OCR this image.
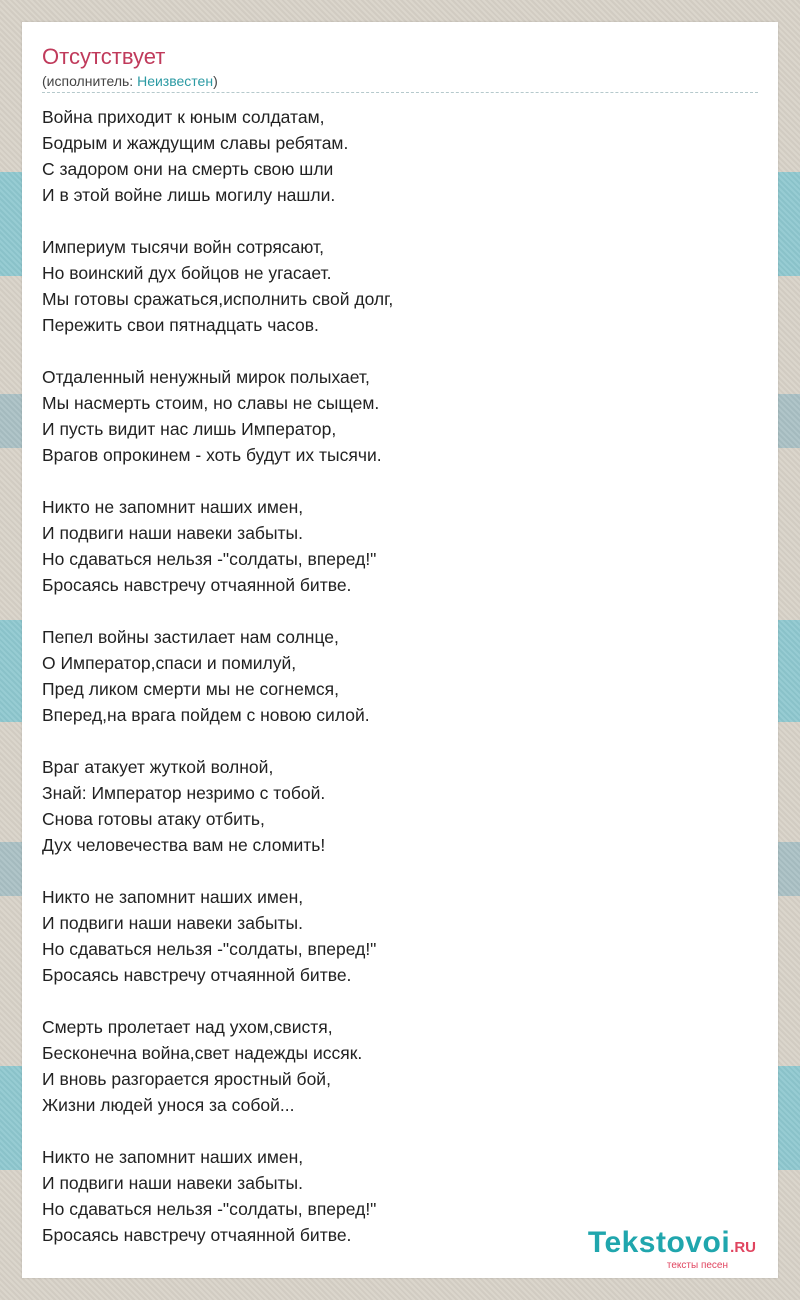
Отсутствует
(исполнитель: Неизвестен)
Война приходит к юным солдатам,
Бодрым и жаждущим славы ребятам.
С задором они на смерть свою шли
И в этой войне лишь могилу нашли.
Империум тысячи войн сотрясают,
Но воинский дух бойцов не угасает.
Мы готовы сражаться,исполнить свой долг,
Пережить свои пятнадцать часов.
Отдаленный ненужный мирок полыхает,
Мы насмерть стоим, но славы не сыщем.
И пусть видит нас лишь Император,
Врагов опрокинем - хоть будут их тысячи.
Никто не запомнит наших имен,
И подвиги наши навеки забыты.
Но сдаваться нельзя -"солдаты, вперед!"
Бросаясь навстречу отчаянной битве.
Пепел войны застилает нам солнце,
О Император,спаси и помилуй,
Пред ликом смерти мы не согнемся,
Вперед,на врага пойдем с новою силой.
Враг атакует жуткой волной,
Знай: Император незримо с тобой.
Снова готовы атаку отбить,
Дух человечества вам не сломить!
Никто не запомнит наших имен,
И подвиги наши навеки забыты.
Но сдаваться нельзя -"солдаты, вперед!"
Бросаясь навстречу отчаянной битве.
Смерть пролетает над ухом,свистя,
Бесконечна война,свет надежды иссяк.
И вновь разгорается яростный бой,
Жизни людей унося за собой...
Никто не запомнит наших имен,
И подвиги наши навеки забыты.
Но сдаваться нельзя -"солдаты, вперед!"
Бросаясь навстречу отчаянной битве.	Tekstovoi.RU
тексты песен
